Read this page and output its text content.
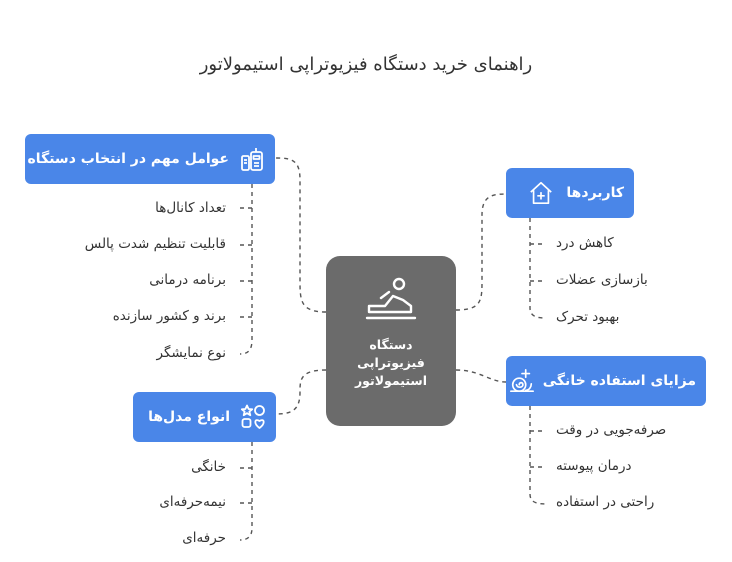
راهنمای خرید دستگاه فیزیوتراپی استیمولاتور
دستگاه
فیزیوتراپی
استیمولاتور
عوامل مهم در انتخاب دستگاه
تعداد کانال‌ها
قابلیت تنظیم شدت پالس
برنامه درمانی
برند و کشور سازنده
نوع نمایشگر
انواع مدل‌ها
خانگی
نیمه‌حرفه‌ای
حرفه‌ای
کاربردها
کاهش درد
بازسازی عضلات
بهبود تحرک
مزایای استفاده خانگی
صرفه‌جویی در وقت
درمان پیوسته
راحتی در استفاده
